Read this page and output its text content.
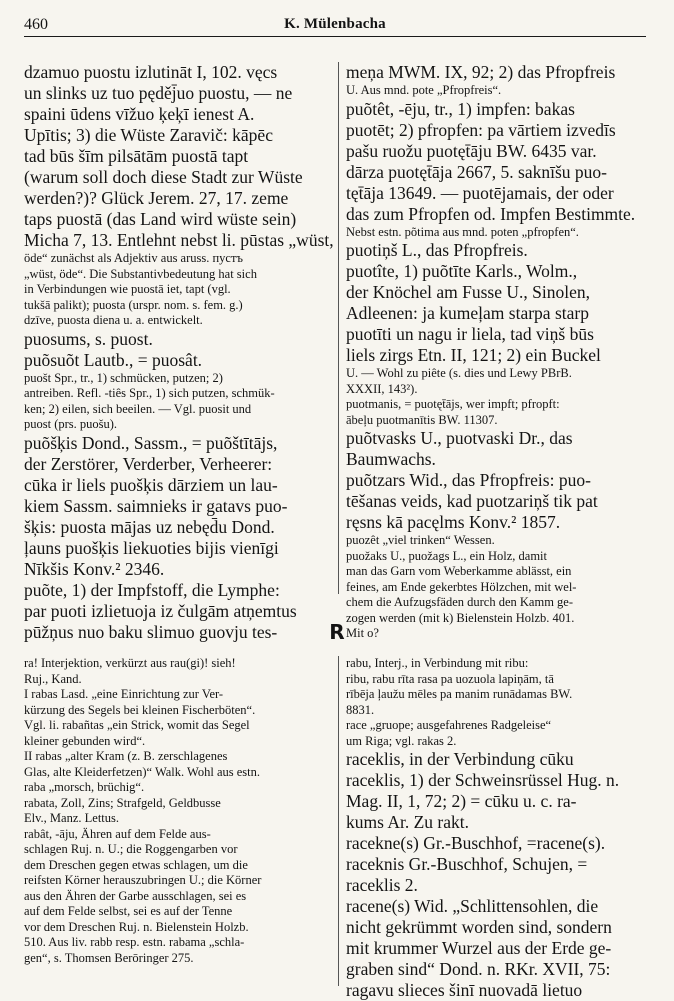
460	K. Mülenbacha
dzamuo puostu izlutināt I, 102. vęcs
un slinks uz tuo pęděj̄uo puostu, — ne
spaini ūdens vīžuo ķeķī ienest A.
Upītis; 3) die Wüste Zaravič: kāpēc
tad būs šīm pilsātām puostā tapt
(warum soll doch diese Stadt zur Wüste
werden?)? Glück Jerem. 27, 17. zeme
taps puostā (das Land wird wüste sein)
Micha 7, 13. Entlehnt nebst li. pūstas „wüst,
öde“ zunächst als Adjektiv aus aruss. пустъ
„wüst, öde“. Die Substantivbedeutung hat sich
in Verbindungen wie puostā iet, tapt (vgl.
tukšā palikt); puosta (urspr. nom. s. fem. g.)
dzīve, puosta diena u. a. entwickelt.
puosums, s. puost.
puõsuõt Lautb., = puosât.
puošt Spr., tr., 1) schmücken, putzen; 2)
antreiben. Refl. -tiês Spr., 1) sich putzen, schmük-
ken; 2) eilen, sich beeilen. — Vgl. puosit und
puost (prs. puošu).
puõšķis Dond., Sassm., = puõštītājs,
der Zerstörer, Verderber, Verheerer:
cūka ir liels puošķis dārziem un lau-
kiem Sassm. saimnieks ir gatavs puo-
šķis: puosta mājas uz nebęd̄u Dond.
ļauns puošķis liekuoties bijis vienīgi
Nīkšis Konv.² 2346.
puõte, 1) der Impfstoff, die Lymphe:
par puoti izlietuoja iz čulgām atņemtus
pūžņus nuo baku slimuo guovju tes-
meņa MWM. IX, 92; 2) das Pfropfreis
U. Aus mnd. pote „Pfropfreis“.
puõtêt, -ēju, tr., 1) impfen: bakas
puotēt; 2) pfropfen: pa vārtiem izvedīs
pašu ruožu puotęt̄āju BW. 6435 var.
dārza puotęt̄āja 2667, 5. saknīšu puo-
tęt̄āja 13649. — puotējamais, der oder
das zum Pfropfen od. Impfen Bestimmte.
Nebst estn. põtima aus mnd. poten „pfropfen“.
puotiņš L., das Pfropfreis.
puotîte, 1) puõtīte Karls., Wolm.,
der Knöchel am Fusse U., Sinolen,
Adleenen: ja kumeļam starpa starp
puotīti un nagu ir liela, tad viņš būs
liels zirgs Etn. II, 121; 2) ein Buckel
U. — Wohl zu piête (s. dies und Lewy PBrB.
XXXII, 143²).
puotmanis, = puotęt̄ājs, wer impft; pfropft:
ābeļu puotmanītis BW. 11307.
puõtvasks U., puotvaski Dr., das
Baumwachs.
puõtzars Wid., das Pfropfreis: puo-
tēšanas veids, kad puotzariņš tik pat
ręsns kā pacęlms Konv.² 1857.
puozêt „viel trinken“ Wessen.
puožaks U., puožags L., ein Holz, damit
man das Garn vom Weberkamme ablässt, ein
feines, am Ende gekerbtes Hölzchen, mit wel-
chem die Aufzugsfäden durch den Kamm ge-
zogen werden (mit k) Bielenstein Holzb. 401.
Mit o?
R
ra! Interjektion, verkürzt aus rau(gi)! sieh!
Ruj., Kand.
I rabas Lasd. „eine Einrichtung zur Ver-
kürzung des Segels bei kleinen Fischerböten“.
Vgl. li. rabañtas „ein Strick, womit das Segel
kleiner gebunden wird“.
II rabas „alter Kram (z. B. zerschlagenes
Glas, alte Kleiderfetzen)“ Walk. Wohl aus estn.
raba „morsch, brüchig“.
rabata, Zoll, Zins; Strafgeld, Geldbusse
Elv., Manz. Lettus.
rabât, -āju, Ähren auf dem Felde aus-
schlagen Ruj. n. U.; die Roggengarben vor
dem Dreschen gegen etwas schlagen, um die
reifsten Körner herauszubringen U.; die Körner
aus den Ähren der Garbe ausschlagen, sei es
auf dem Felde selbst, sei es auf der Tenne
vor dem Dreschen Ruj. n. Bielenstein Holzb.
510. Aus liv. rabb resp. estn. rabama „schla-
gen“, s. Thomsen Berōringer 275.
rabu, Interj., in Verbindung mit ribu:
ribu, rabu rīta rasa pa uozuola lapiņām, tā
rībēja ļaužu mēles pa manim runādamas BW.
8831.
race „gruope; ausgefahrenes Radgeleise“
um Riga; vgl. rakas 2.
raceklis, in der Verbindung cūku
raceklis, 1) der Schweinsrüssel Hug. n.
Mag. II, 1, 72; 2) = cūku u. c. ra-
kums Ar. Zu rakt.
racekne(s) Gr.-Buschhof, =racene(s).
raceknis Gr.-Buschhof, Schujen, =
raceklis 2.
racene(s) Wid. „Schlittensohlen, die
nicht gekrümmt worden sind, sondern
mit krummer Wurzel aus der Erde ge-
graben sind“ Dond. n. RKr. XVII, 75:
ragavu slieces šinī nuovadā lietuo
